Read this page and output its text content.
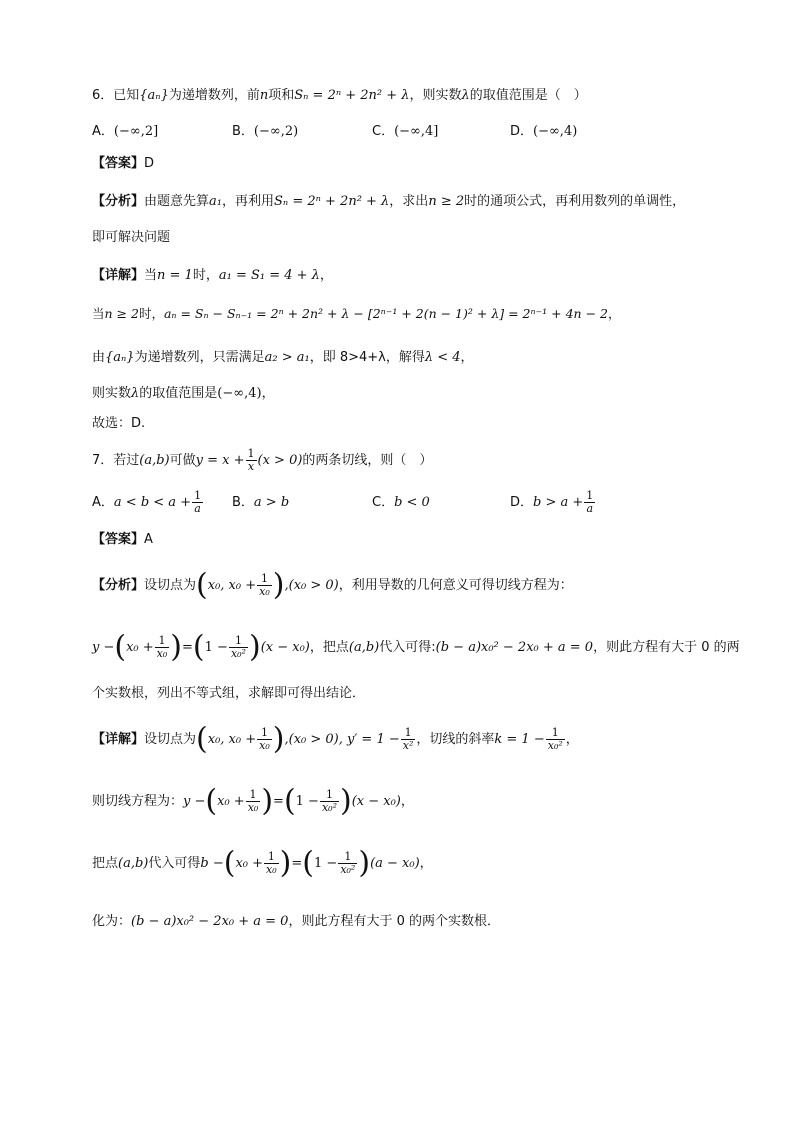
6．已知{aₙ}为递增数列，前n项和Sₙ = 2ⁿ + 2n² + λ，则实数λ的取值范围是（　）
A．(−∞,2]	B．(−∞,2)	C．(−∞,4]	D．(−∞,4)
【答案】D
【分析】由题意先算a₁，再利用Sₙ = 2ⁿ + 2n² + λ，求出n ≥ 2时的通项公式，再利用数列的单调性，
即可解决问题
【详解】当n = 1时，a₁ = S₁ = 4 + λ，
当n ≥ 2时，aₙ = Sₙ − Sₙ₋₁ = 2ⁿ + 2n² + λ − [2ⁿ⁻¹ + 2(n − 1)² + λ] = 2ⁿ⁻¹ + 4n − 2，
由{aₙ}为递增数列，只需满足a₂ > a₁，即 8>4+λ，解得λ < 4，
则实数λ的取值范围是(−∞,4)，
故选：D.
7．若过(a,b)可做$y = x + \frac{1}{x} (x > 0)$的两条切线，则（　）
A．$a < b < a + \frac{1}{a}$ B．a > b	C．b < 0	D．$b > a + \frac{1}{a}$
【答案】A
【分析】设切点为(x₀, $x_0 + \frac{1}{\text{x₀}} ),(x_0 > 0)$，利用导数的几何意义可得切线方程为：
$y -(x_0 + \frac{1}{\text{x₀}} )=(1 - \frac{1}{\text{x₀²}} )(x - x_0)$，把点(a,b)代入可得:(b − a)x₀² − 2x₀ + a = 0，则此方程有大于 0 的两
个实数根，列出不等式组，求解即可得出结论．
【详解】设切点为(x₀, $x_0 + \frac{1}{\text{x₀}} ),(x_0 > 0)$, $y' = 1 - \frac{1}{\text{x²}}$ ，切线的斜率$k = 1 - \frac{1}{\text{x₀²}}$ ，
则切线方程为：$y -(x_0 + \frac{1}{\text{x₀}} )=(1 - \frac{1}{\text{x₀²}} )(x - x_0)$，
把点(a,b)代入可得$b -(x_0 + \frac{1}{\text{x₀}} )=(1 - \frac{1}{\text{x₀²}} )(a - x_0)$，
化为：(b − a)x₀² − 2x₀ + a = 0，则此方程有大于 0 的两个实数根．
